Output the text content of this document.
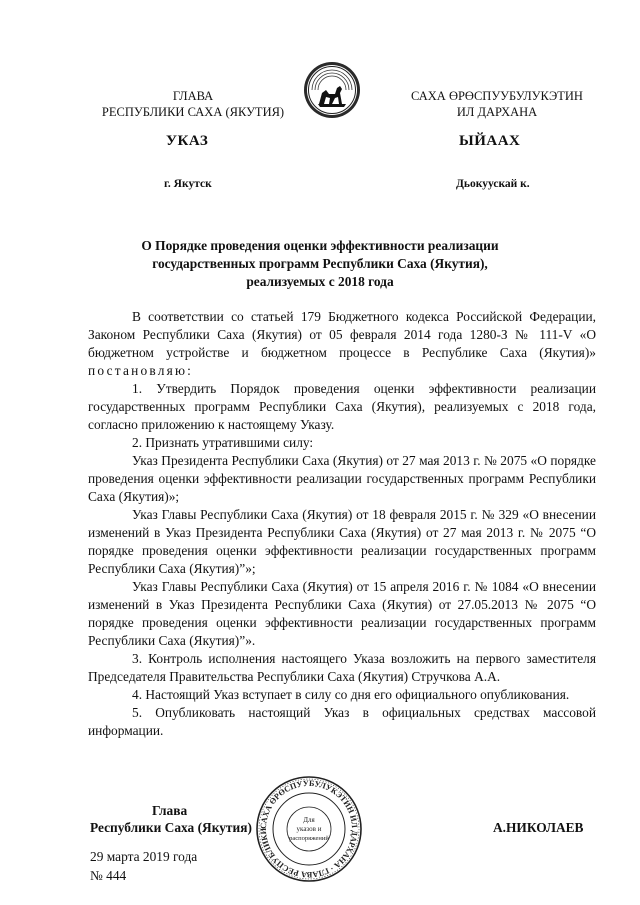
ГЛАВА
РЕСПУБЛИКИ САХА (ЯКУТИЯ)
САХА ӨРӨСПУУБУЛУКЭТИН
ИЛ ДАРХАНА
УКАЗ	ЫЙААХ
г. Якутск	Дьокуускай к.
О Порядке проведения оценки эффективности реализации
государственных программ Республики Саха (Якутия),
реализуемых с 2018 года

В соответствии со статьей 179 Бюджетного кодекса Российской Федерации, Законом Республики Саха (Якутия) от 05 февраля 2014 года 1280-З № 111-V «О бюджетном устройстве и бюджетном процессе в Республике Саха (Якутия)» постановляю:

1. Утвердить Порядок проведения оценки эффективности реализации государственных программ Республики Саха (Якутия), реализуемых с 2018 года, согласно приложению к настоящему Указу.

2. Признать утратившими силу:

Указ Президента Республики Саха (Якутия) от 27 мая 2013 г. № 2075 «О порядке проведения оценки эффективности реализации государственных программ Республики Саха (Якутия)»;

Указ Главы Республики Саха (Якутия) от 18 февраля 2015 г. № 329 «О внесении изменений в Указ Президента Республики Саха (Якутия) от 27 мая 2013 г. № 2075 “О порядке проведения оценки эффективности реализации государственных программ Республики Саха (Якутия)”»;

Указ Главы Республики Саха (Якутия) от 15 апреля 2016 г. № 1084 «О внесении изменений в Указ Президента Республики Саха (Якутия) от 27.05.2013 № 2075 “О порядке проведения оценки эффективности реализации государственных программ Республики Саха (Якутия)”».

3. Контроль исполнения настоящего Указа возложить на первого заместителя Председателя Правительства Республики Саха (Якутия) Стручкова А.А.

4. Настоящий Указ вступает в силу со дня его официального опубликования.

5. Опубликовать настоящий Указ в официальных средствах массовой информации.

Глава
Республики Саха (Якутия)	А.НИКОЛАЕВ
САХА ӨРӨСПУУБУЛУКЭТИН ИЛ ДАРХАНА · ГЛАВА РЕСПУБЛИКИ
Для
указов и
распоряжений
29 марта 2019 года
№ 444
